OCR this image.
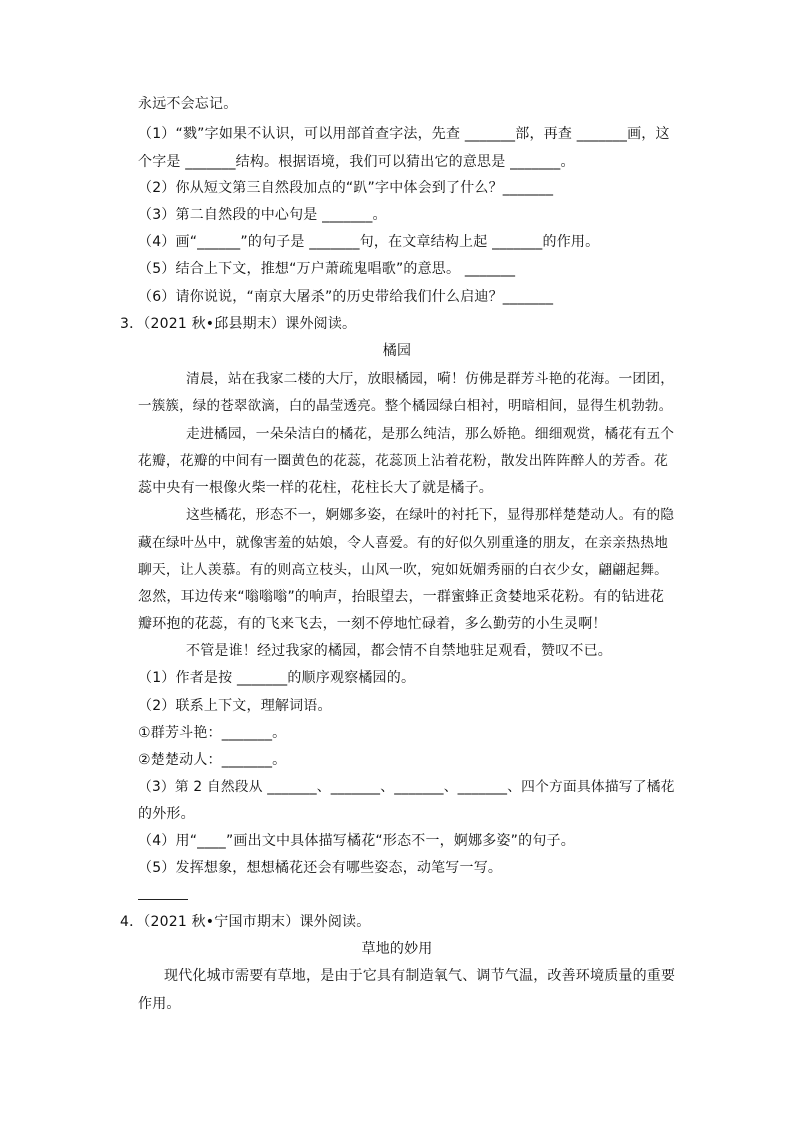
永远不会忘记。
（1）“戮”字如果不认识，可以用部首查字法，先查 _______部，再查 _______画，这
个字是 _______结构。根据语境，我们可以猜出它的意思是 _______。
（2）你从短文第三自然段加点的“趴”字中体会到了什么？_______
（3）第二自然段的中心句是 _______。
（4）画“______”的句子是 _______句，在文章结构上起 _______的作用。
（5）结合上下文，推想“万户萧疏鬼唱歌”的意思。 _______
（6）请你说说，“南京大屠杀”的历史带给我们什么启迪？_______
3．（2021 秋•邱县期末）课外阅读。
橘园
清晨，站在我家二楼的大厅，放眼橘园，嗬！仿佛是群芳斗艳的花海。一团团，
一簇簇，绿的苍翠欲滴，白的晶莹透亮。整个橘园绿白相衬，明暗相间，显得生机勃勃。
走进橘园，一朵朵洁白的橘花，是那么纯洁，那么娇艳。细细观赏，橘花有五个
花瓣，花瓣的中间有一圈黄色的花蕊，花蕊顶上沾着花粉，散发出阵阵醉人的芳香。花
蕊中央有一根像火柴一样的花柱，花柱长大了就是橘子。
这些橘花，形态不一，婀娜多姿，在绿叶的衬托下，显得那样楚楚动人。有的隐
藏在绿叶丛中，就像害羞的姑娘，令人喜爱。有的好似久别重逢的朋友，在亲亲热热地
聊天，让人羡慕。有的则高立枝头，山风一吹，宛如妩媚秀丽的白衣少女，翩翩起舞。
忽然，耳边传来“嗡嗡嗡”的响声，抬眼望去，一群蜜蜂正贪婪地采花粉。有的钻进花
瓣环抱的花蕊，有的飞来飞去，一刻不停地忙碌着，多么勤劳的小生灵啊！
不管是谁！经过我家的橘园，都会情不自禁地驻足观看，赞叹不已。
（1）作者是按 _______的顺序观察橘园的。
（2）联系上下文，理解词语。
①群芳斗艳：_______。
②楚楚动人：_______。
（3）第 2 自然段从 _______、_______、_______、_______、四个方面具体描写了橘花
的外形。
（4）用“____”画出文中具体描写橘花“形态不一，婀娜多姿”的句子。
（5）发挥想象，想想橘花还会有哪些姿态，动笔写一写。
4．（2021 秋•宁国市期末）课外阅读。
草地的妙用
现代化城市需要有草地，是由于它具有制造氧气、调节气温，改善环境质量的重要
作用。
